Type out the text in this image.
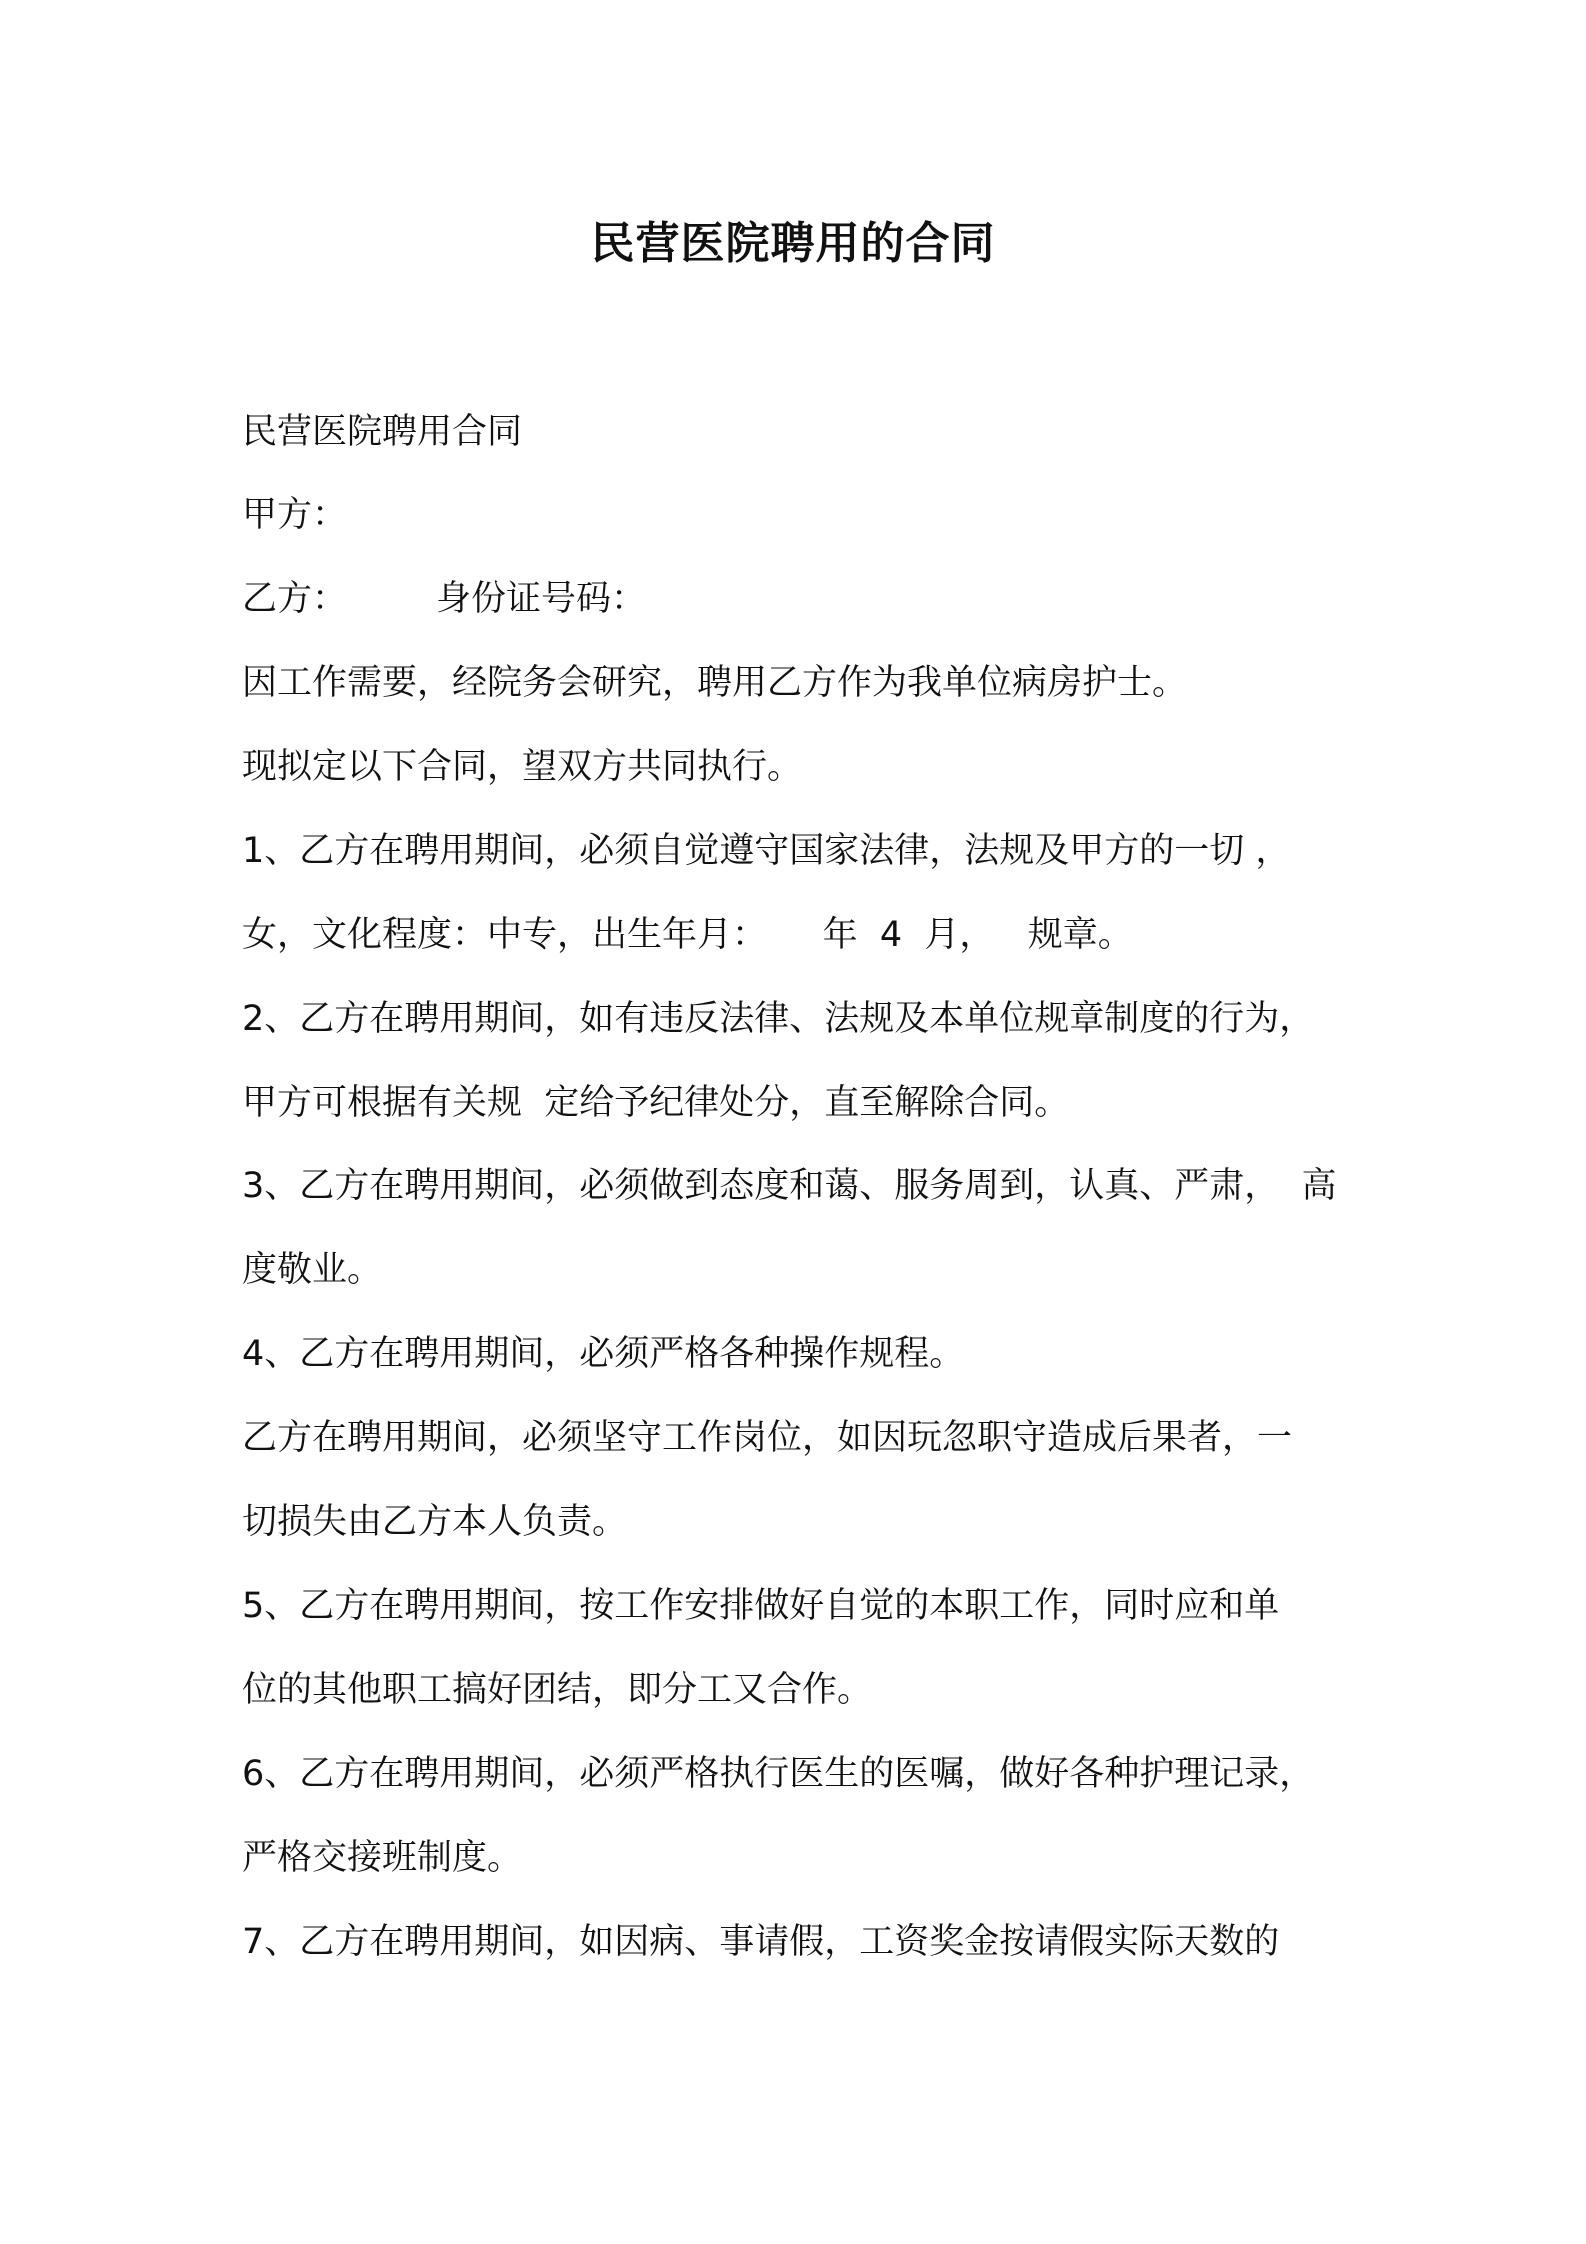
民营医院聘用的合同
民营医院聘用合同
甲方：
乙方：        身份证号码：
因工作需要，经院务会研究，聘用乙方作为我单位病房护士。
现拟定以下合同，望双方共同执行。
1、乙方在聘用期间，必须自觉遵守国家法律，法规及甲方的一切 ，
女，文化程度：中专，出生年月：     年  4  月，   规章。
2、乙方在聘用期间，如有违反法律、法规及本单位规章制度的行为，
甲方可根据有关规  定给予纪律处分，直至解除合同。
3、乙方在聘用期间，必须做到态度和蔼、服务周到，认真、严肃，  高
度敬业。
4、乙方在聘用期间，必须严格各种操作规程。
乙方在聘用期间，必须坚守工作岗位，如因玩忽职守造成后果者，一
切损失由乙方本人负责。
5、乙方在聘用期间，按工作安排做好自觉的本职工作，同时应和单
位的其他职工搞好团结，即分工又合作。
6、乙方在聘用期间，必须严格执行医生的医嘱，做好各种护理记录，
严格交接班制度。
7、乙方在聘用期间，如因病、事请假，工资奖金按请假实际天数的
